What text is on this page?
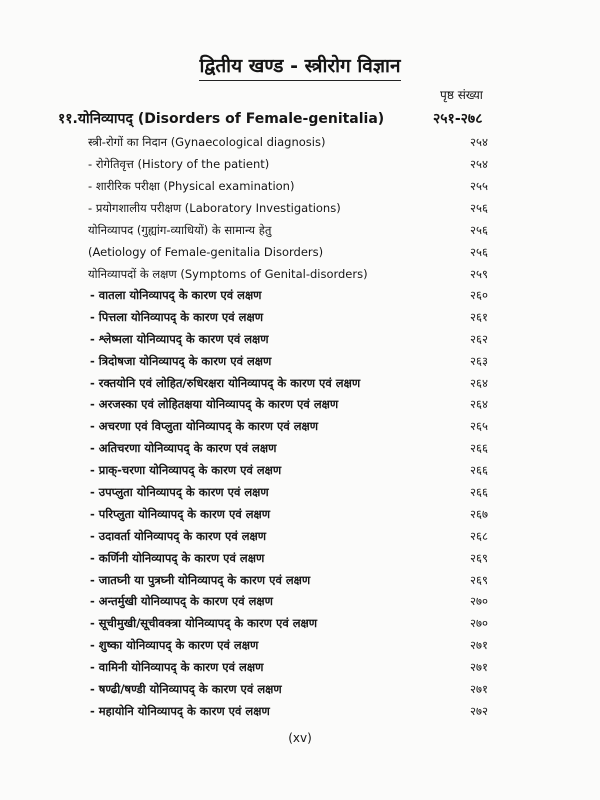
द्वितीय खण्ड - स्त्रीरोग विज्ञान
पृष्ठ संख्या
११.योनिव्यापद् (Disorders of Female-genitalia)	२५१-२७८
स्त्री-रोगों का निदान (Gynaecological diagnosis)	२५४
- रोगेतिवृत्त (History of the patient)	२५४
- शारीरिक परीक्षा (Physical examination)	२५५
- प्रयोगशालीय परीक्षण (Laboratory Investigations)	२५६
योनिव्यापद (गुह्यांग-व्याधियों) के सामान्य हेतु	२५६
(Aetiology of Female-genitalia Disorders)	२५६
योनिव्यापदों के लक्षण (Symptoms of Genital-disorders)	२५९
- वातला योनिव्यापद् के कारण एवं लक्षण	२६०
- पित्तला योनिव्यापद् के कारण एवं लक्षण	२६१
- श्लेष्मला योनिव्यापद् के कारण एवं लक्षण	२६२
- त्रिदोषजा योनिव्यापद् के कारण एवं लक्षण	२६३
- रक्तयोनि एवं लोहित/रुधिरक्षरा योनिव्यापद् के कारण एवं लक्षण	२६४
- अरजस्का एवं लोहितक्षया योनिव्यापद् के कारण एवं लक्षण	२६४
- अचरणा एवं विप्लुता योनिव्यापद् के कारण एवं लक्षण	२६५
- अतिचरणा योनिव्यापद् के कारण एवं लक्षण	२६६
- प्राक्-चरणा योनिव्यापद् के कारण एवं लक्षण	२६६
- उपप्लुता योनिव्यापद् के कारण एवं लक्षण	२६६
- परिप्लुता योनिव्यापद् के कारण एवं लक्षण	२६७
- उदावर्ता योनिव्यापद् के कारण एवं लक्षण	२६८
- कर्णिनी योनिव्यापद् के कारण एवं लक्षण	२६९
- जातघ्नी या पुत्रघ्नी योनिव्यापद् के कारण एवं लक्षण	२६९
- अन्तर्मुखी योनिव्यापद् के कारण एवं लक्षण	२७०
- सूचीमुखी/सूचीवक्त्रा योनिव्यापद् के कारण एवं लक्षण	२७०
- शुष्का योनिव्यापद् के कारण एवं लक्षण	२७१
- वामिनी योनिव्यापद् के कारण एवं लक्षण	२७१
- षण्ढी/षण्डी योनिव्यापद् के कारण एवं लक्षण	२७१
- महायोनि योनिव्यापद् के कारण एवं लक्षण	२७२
(xv)
